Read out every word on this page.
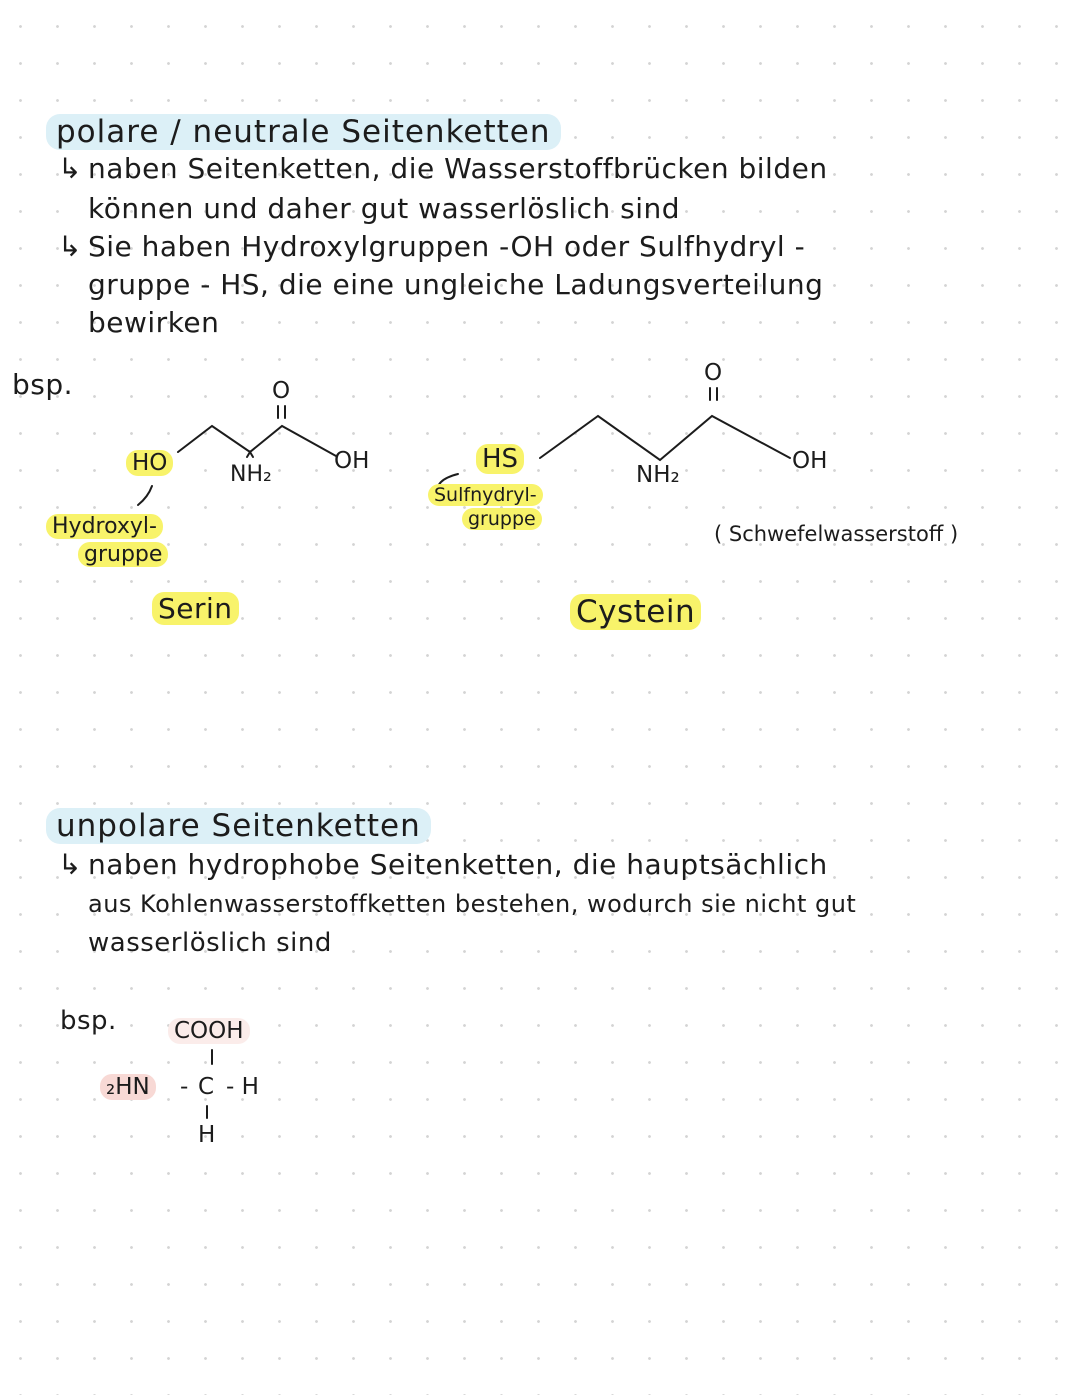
polare / neutrale Seitenketten
↳ naben Seitenketten, die Wasserstoffbrücken bilden
können und daher gut wasserlöslich sind
↳ Sie haben Hydroxylgruppen -OH oder Sulfhydryl -
gruppe - HS, die eine ungleiche Ladungsverteilung
bewirken
bsp.
HO	NH₂
OH
O
Hydroxyl-
gruppe
Serin
HS
NH₂
OH
O
Sulfnydryl-
gruppe
( Schwefelwasserstoff )
Cystein
unpolare Seitenketten
↳ naben hydrophobe Seitenketten, die hauptsächlich
aus Kohlenwasserstoffketten bestehen, wodurch sie nicht gut
wasserlöslich sind
bsp. COOH
₂HN - C - H
H
